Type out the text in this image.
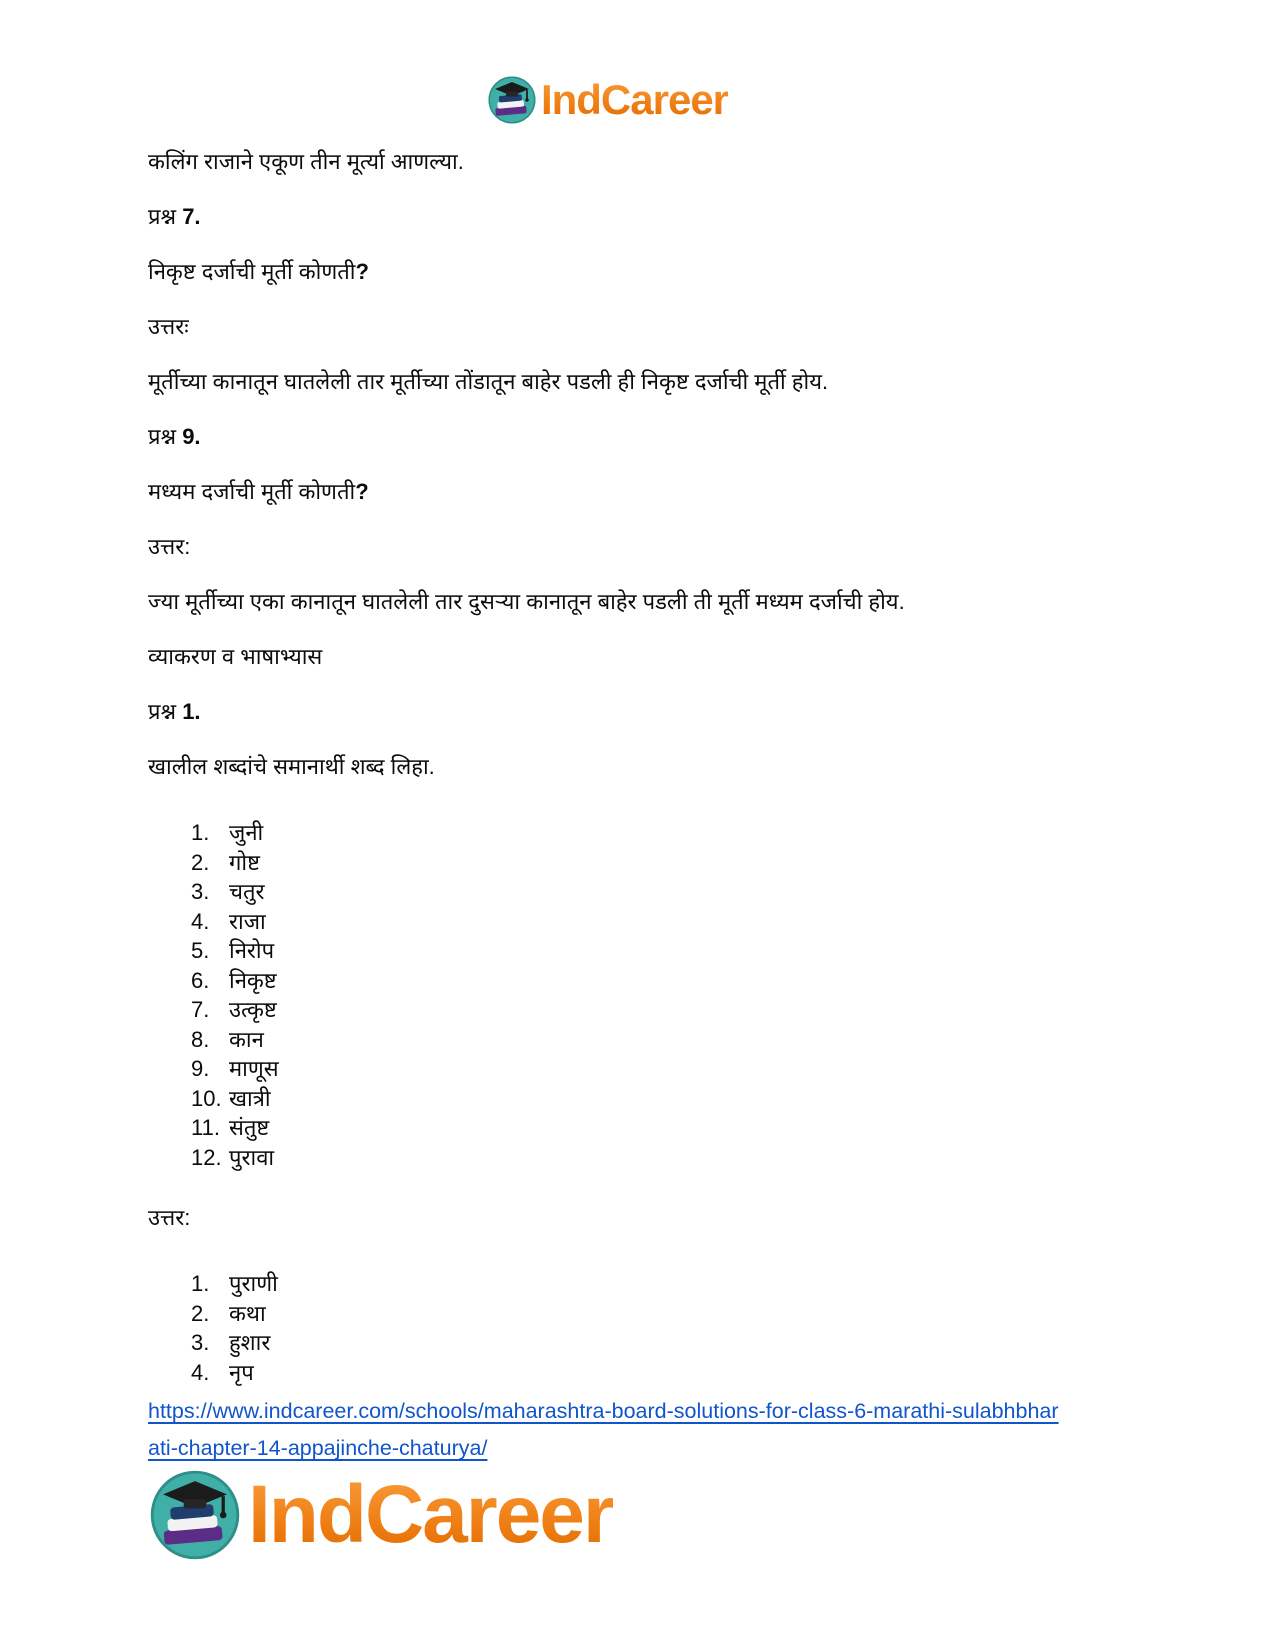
IndCareer

कलिंग राजाने एकूण तीन मूर्त्या आणल्या.

प्रश्न 7.

निकृष्ट दर्जाची मूर्ती कोणती?

उत्तरः

मूर्तीच्या कानातून घातलेली तार मूर्तीच्या तोंडातून बाहेर पडली ही निकृष्ट दर्जाची मूर्ती होय.

प्रश्न 9.

मध्यम दर्जाची मूर्ती कोणती?

उत्तर:

ज्या मूर्तीच्या एका कानातून घातलेली तार दुसऱ्या कानातून बाहेर पडली ती मूर्ती मध्यम दर्जाची होय.

व्याकरण व भाषाभ्यास

प्रश्न 1.

खालील शब्दांचे समानार्थी शब्द लिहा.

1. जुनी
2. गोष्ट
3. चतुर
4. राजा
5. निरोप
6. निकृष्ट
7. उत्कृष्ट
8. कान
9. माणूस
10. खात्री
11. संतुष्ट
12. पुरावा

उत्तर:

1. पुराणी
2. कथा
3. हुशार
4. नृप
https://www.indcareer.com/schools/maharashtra-board-solutions-for-class-6-marathi-sulabhbhar
ati-chapter-14-appajinche-chaturya/
IndCareer
